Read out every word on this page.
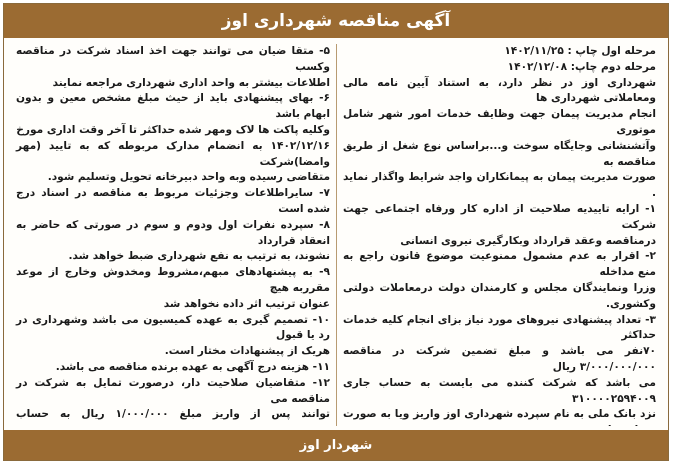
آگهی مناقصه شهرداری اوز
مرحله اول چاپ : ۱۴۰۲/۱۱/۲۵
مرحله دوم چاپ: ۱۴۰۲/۱۲/۰۸
شهرداری اوز در نظر دارد، به استناد آیین نامه مالی ومعاملاتی شهرداری ها
انجام مدیریت پیمان جهت وظایف خدمات امور شهر شامل موتوری
وآتشنشانی وجایگاه سوخت و...براساس نوع شغل از طریق مناقصه به
صورت مدیریت پیمان به پیمانکاران واجد شرایط واگذار نماید .
۱- ارایه تاییدیه صلاحیت از اداره کار ورفاه اجتماعی جهت شرکت
درمناقصه وعقد قرارداد وبکارگیری نیروی انسانی
۲- اقرار به عدم مشمول ممنوعیت موضوع قانون راجع به منع مداخله
وزرا ونمایندگان مجلس و کارمندان دولت درمعاملات دولتی وکشوری.
۳- تعداد پیشنهادی نیروهای مورد نیاز بزای انجام کلیه خدمات حداکثر
۷۰نفر می باشد و مبلغ تضمین شرکت در مناقصه ۳/۰۰۰/۰۰۰/۰۰۰ ریال
می باشد که شرکت کننده می بایست به حساب جاری ۳۱۰۰۰۰۲۵۹۴۰۰۹
نزد بانک ملی به نام سپرده شهرداری اوز واریز ویا به صورت
۵- متقا ضیان می توانند جهت اخذ اسناد شرکت در مناقصه وکسب
اطلاعات بیشتر به واحد اداری شهرداری مراجعه نمایند
۶- بهای پیشنهادی باید از حیث مبلغ مشخص معین و بدون ابهام باشد
وکلیه پاکت ها لاک ومهر شده حداکثر تا آخر وقت اداری مورخ
۱۴۰۲/۱۲/۱۶ به انضمام مدارک مربوطه که به تایید (مهر وامضا)شرکت
متقاضی رسیده وبه واحد دبیرخانه تحویل وتسلیم شود.
۷- سایراطلاعات وجزئیات مربوط به مناقصه در اسناد درج شده است
۸- سپرده نفرات اول ودوم و سوم در صورتی که حاضر به انعقاد قرارداد
نشوند، به ترتیب به نفع شهرداری ضبط خواهد شد.
۹- به پیشنهادهای مبهم،مشروط ومخدوش وخارج از موعد مقرربه هیچ
عنوان ترتیب اثر داده نخواهد شد
۱۰- تصمیم گیری به عهده کمیسیون می باشد وشهرداری در رد یا قبول
هریک از پیشنهادات مختار است.
۱۱- هزینه درج آگهی به عهده برنده مناقصه می باشد.
۱۲- متقاضیان صلاحیت دار، درصورت تمایل به شرکت در مناقصه می
توانند پس از واریز مبلغ ۱/۰۰۰/۰۰۰ ریال به حساب
شهردار اوز
